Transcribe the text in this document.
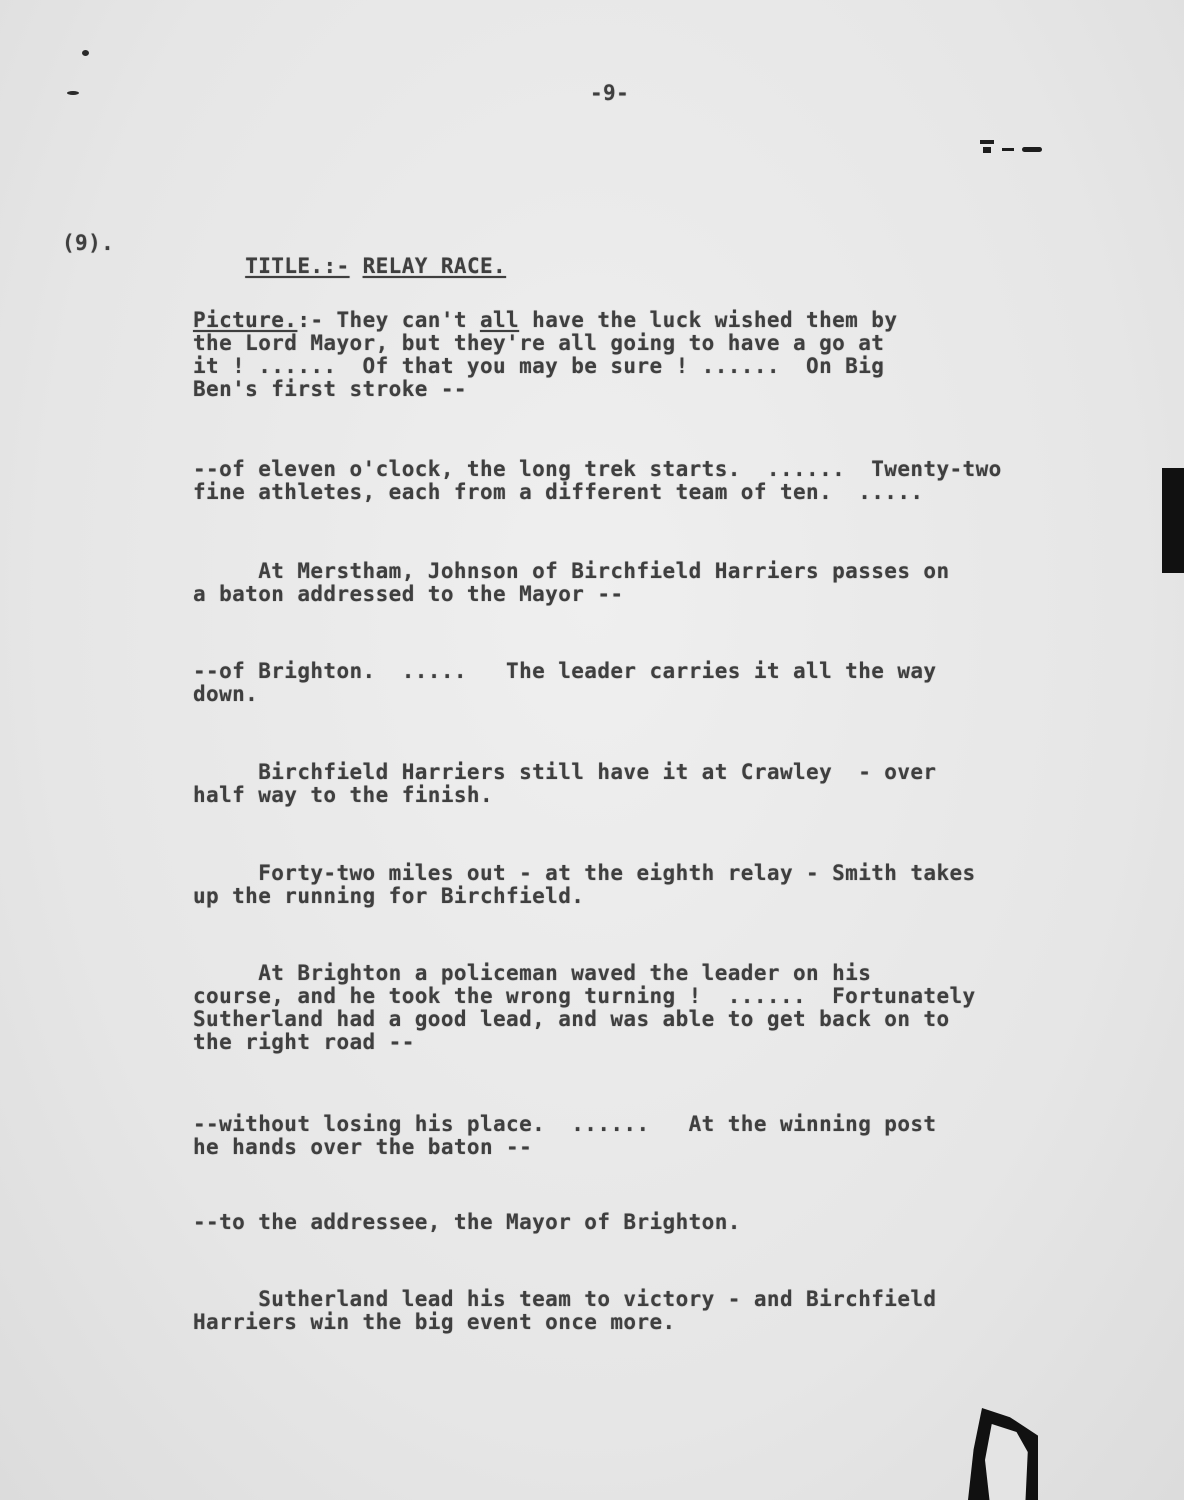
-9-
(9).

TITLE.:- RELAY RACE.

Picture.:- They can't all have the luck wished them by
the Lord Mayor, but they're all going to have a go at
it ! ......  Of that you may be sure ! ......  On Big
Ben's first stroke --
--of eleven o'clock, the long trek starts.  ......  Twenty-two
fine athletes, each from a different team of ten.  .....
At Merstham, Johnson of Birchfield Harriers passes on
a baton addressed to the Mayor --
--of Brighton.  .....   The leader carries it all the way
down.
Birchfield Harriers still have it at Crawley  - over
half way to the finish.
Forty-two miles out - at the eighth relay - Smith takes
up the running for Birchfield.
At Brighton a policeman waved the leader on his
course, and he took the wrong turning !  ......  Fortunately
Sutherland had a good lead, and was able to get back on to
the right road --
--without losing his place.  ......   At the winning post
he hands over the baton --
--to the addressee, the Mayor of Brighton.
Sutherland lead his team to victory - and Birchfield
Harriers win the big event once more.
